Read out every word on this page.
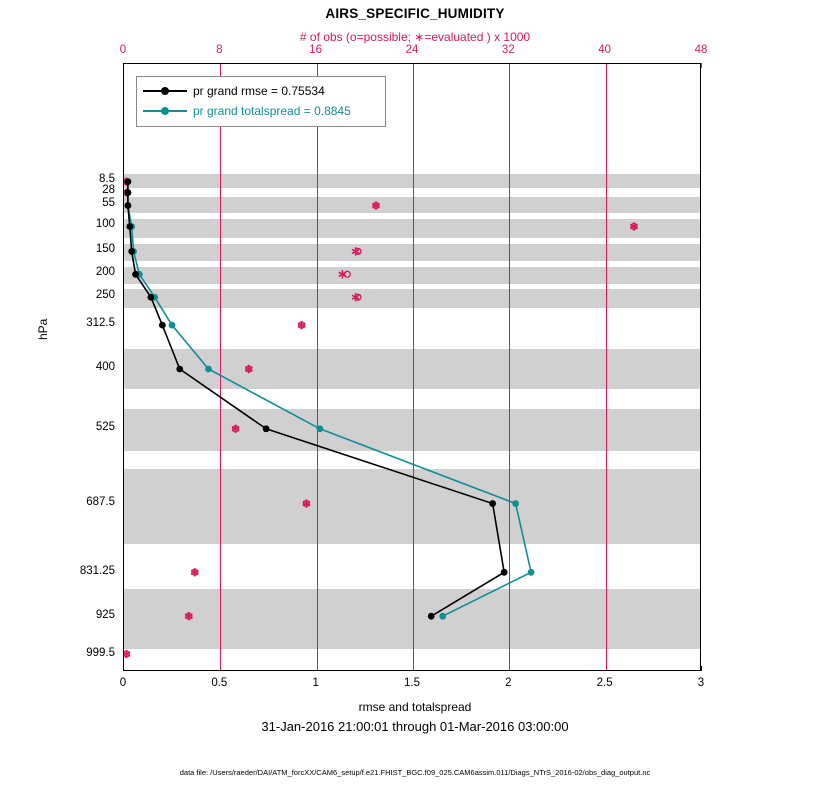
AIRS_SPECIFIC_HUMIDITY
# of obs (o=possible; ∗=evaluated ) x 1000
0	8	16	24	32	40	48
0	0.5	1	1.5	2	2.5	3
8.5
28
55
100
150
200
250
312.5
400
525
687.5
831.25
925
999.5
hPa
pr grand rmse = 0.75534
pr grand totalspread = 0.8845
rmse and totalspread
31-Jan-2016 21:00:01 through 01-Mar-2016 03:00:00
data file: /Users/raeder/DAI/ATM_forcXX/CAM6_setup/f.e21.FHIST_BGC.f09_025.CAM6assim.011/Diags_NTrS_2016-02/obs_diag_output.nc
